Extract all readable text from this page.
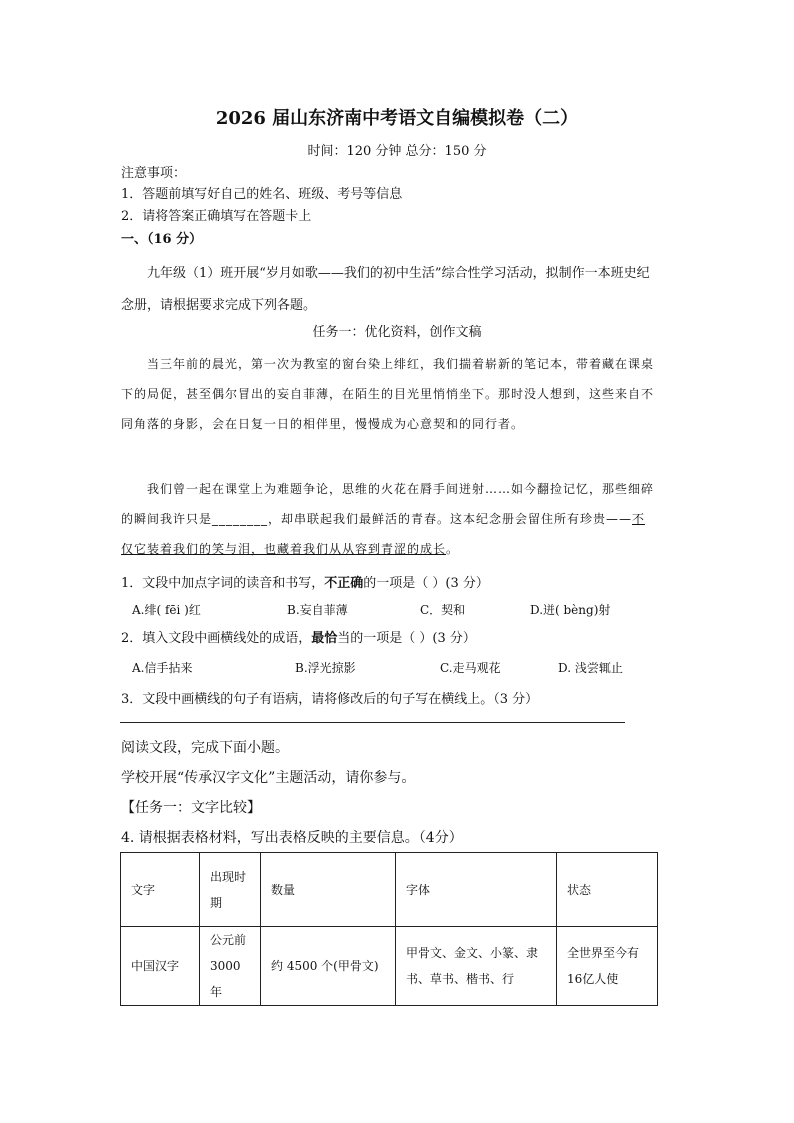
2026 届山东济南中考语文自编模拟卷（二）
时间：120 分钟 总分：150 分
注意事项：
1．答题前填写好自己的姓名、班级、考号等信息
2．请将答案正确填写在答题卡上
一、（16 分）
九年级（1）班开展“岁月如歌——我们的初中生活”综合性学习活动，拟制作一本班史纪念册，请根据要求完成下列各题。
任务一：优化资料，创作文稿
当三年前的晨光，第一次为教室的窗台染上绯红，我们揣着崭新的笔记本，带着藏在课桌下的局促，甚至偶尔冒出的妄自菲薄，在陌生的目光里悄悄坐下。那时没人想到，这些来自不同角落的身影，会在日复一日的相伴里，慢慢成为心意契和的同行者。
我们曾一起在课堂上为难题争论，思维的火花在脣手间迸射……如今翻捡记忆，那些细碎的瞬间我许只是________，却串联起我们最鲜活的青春。这本纪念册会留住所有珍贵——不仅它装着我们的笑与泪，也藏着我们从从容到青涩的成长。
1．文段中加点字词的读音和书写，不正确的一项是（ ）(3 分）
A.绯( fēi )红	B.妄自菲薄	C．契和	D.迸( bèng)射
2．填入文段中画横线处的成语，最恰当的一项是（ ）(3 分）
A.信手拈来	B.浮光掠影	C.走马观花	D. 浅尝辄止
3．文段中画横线的句子有语病，请将修改后的句子写在横线上。（3 分）
阅读文段，完成下面小题。
学校开展“传承汉字文化”主题活动，请你参与。
【任务一：文字比较】
4. 请根据表格材料，写出表格反映的主要信息。（4分）
文字	出现时期	数量	字体	状态
中国汉字	公元前3000年	约 4500 个(甲骨文)	甲骨文、金文、小篆、隶书、草书、楷书、行	全世界至今有16亿人使
